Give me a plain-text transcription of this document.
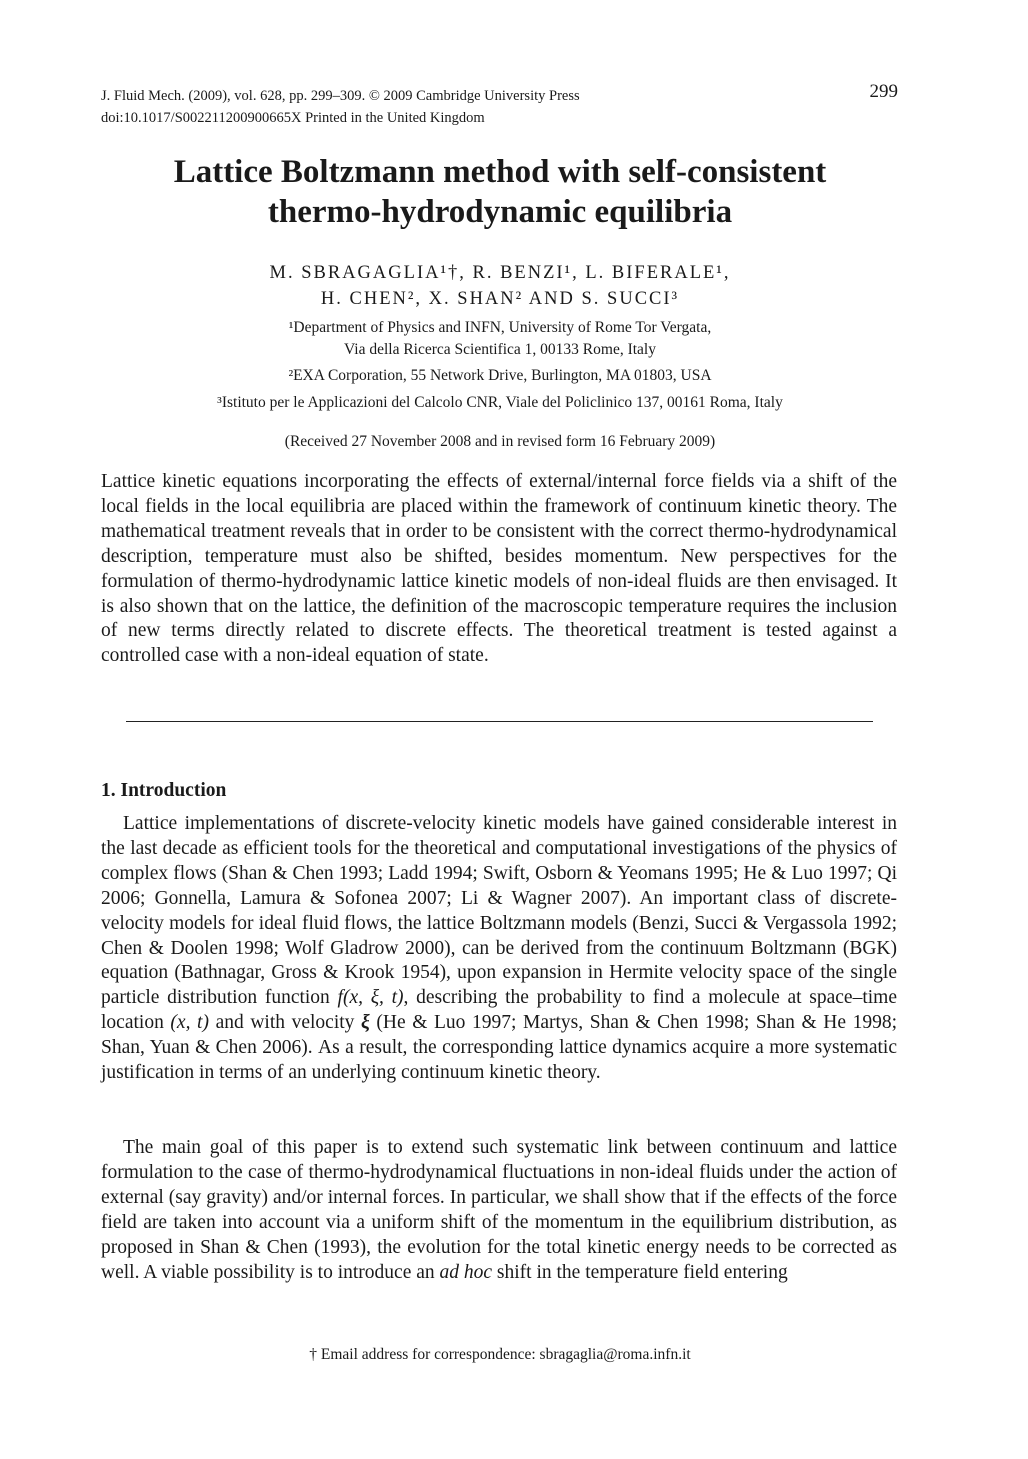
J. Fluid Mech. (2009), vol. 628, pp. 299–309. © 2009 Cambridge University Press
doi:10.1017/S002211200900665X Printed in the United Kingdom
299
Lattice Boltzmann method with self-consistent
thermo-hydrodynamic equilibria
M. SBRAGAGLIA¹†, R. BENZI¹, L. BIFERALE¹,
H. CHEN², X. SHAN² AND S. SUCCI³
¹Department of Physics and INFN, University of Rome Tor Vergata,
Via della Ricerca Scientifica 1, 00133 Rome, Italy
²EXA Corporation, 55 Network Drive, Burlington, MA 01803, USA
³Istituto per le Applicazioni del Calcolo CNR, Viale del Policlinico 137, 00161 Roma, Italy
(Received 27 November 2008 and in revised form 16 February 2009)
Lattice kinetic equations incorporating the effects of external/internal force fields via a shift of the local fields in the local equilibria are placed within the framework of continuum kinetic theory. The mathematical treatment reveals that in order to be consistent with the correct thermo-hydrodynamical description, temperature must also be shifted, besides momentum. New perspectives for the formulation of thermo-hydrodynamic lattice kinetic models of non-ideal fluids are then envisaged. It is also shown that on the lattice, the definition of the macroscopic temperature requires the inclusion of new terms directly related to discrete effects. The theoretical treatment is tested against a controlled case with a non-ideal equation of state.
1. Introduction

Lattice implementations of discrete-velocity kinetic models have gained considerable interest in the last decade as efficient tools for the theoretical and computational investigations of the physics of complex flows (Shan & Chen 1993; Ladd 1994; Swift, Osborn & Yeomans 1995; He & Luo 1997; Qi 2006; Gonnella, Lamura & Sofonea 2007; Li & Wagner 2007). An important class of discrete-velocity models for ideal fluid flows, the lattice Boltzmann models (Benzi, Succi & Vergassola 1992; Chen & Doolen 1998; Wolf Gladrow 2000), can be derived from the continuum Boltzmann (BGK) equation (Bathnagar, Gross & Krook 1954), upon expansion in Hermite velocity space of the single particle distribution function f(x, ξ, t), describing the probability to find a molecule at space–time location (x, t) and with velocity ξ (He & Luo 1997; Martys, Shan & Chen 1998; Shan & He 1998; Shan, Yuan & Chen 2006). As a result, the corresponding lattice dynamics acquire a more systematic justification in terms of an underlying continuum kinetic theory.

The main goal of this paper is to extend such systematic link between continuum and lattice formulation to the case of thermo-hydrodynamical fluctuations in non-ideal fluids under the action of external (say gravity) and/or internal forces. In particular, we shall show that if the effects of the force field are taken into account via a uniform shift of the momentum in the equilibrium distribution, as proposed in Shan & Chen (1993), the evolution for the total kinetic energy needs to be corrected as well. A viable possibility is to introduce an ad hoc shift in the temperature field entering

† Email address for correspondence: sbragaglia@roma.infn.it
